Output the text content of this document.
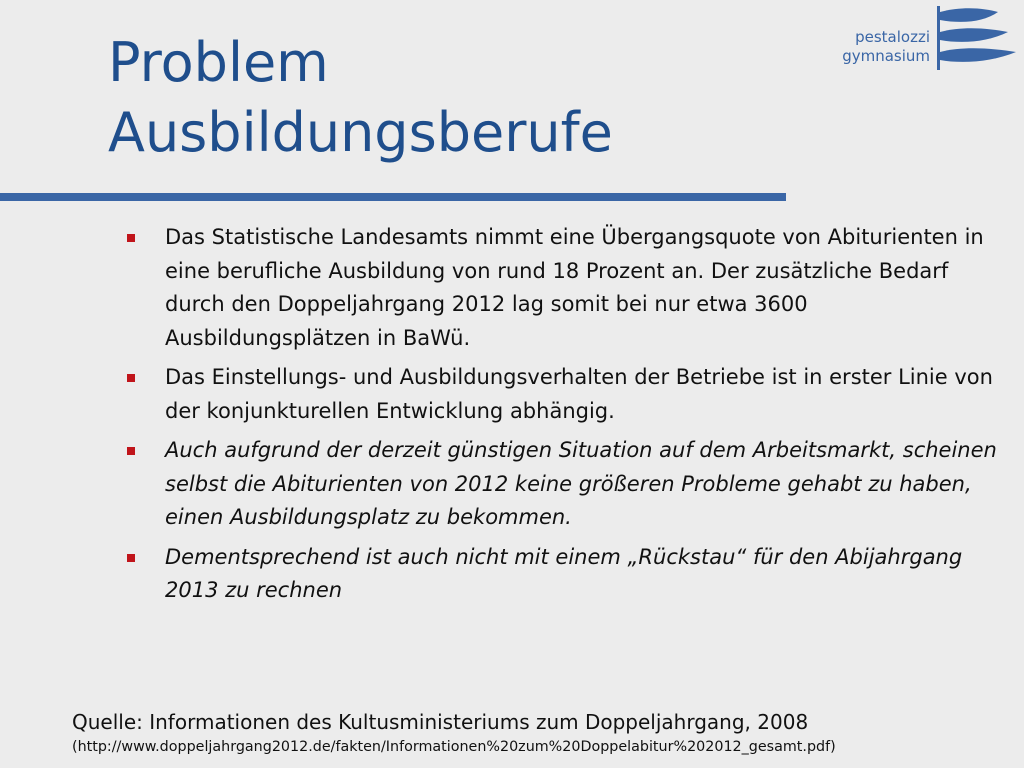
Problem
Ausbildungsberufe
pestalozzi
gymnasium
Das Statistische Landesamts nimmt eine Übergangsquote von Abiturienten in eine berufliche Ausbildung von rund 18 Prozent an. Der zusätzliche Bedarf durch den Doppeljahrgang 2012 lag somit bei nur etwa 3600 Ausbildungsplätzen in BaWü.
Das Einstellungs- und Ausbildungsverhalten der Betriebe ist in erster Linie von der konjunkturellen Entwicklung abhängig.
Auch aufgrund der derzeit günstigen Situation auf dem Arbeitsmarkt, scheinen selbst die Abiturienten von 2012 keine größeren Probleme gehabt zu haben, einen Ausbildungsplatz zu bekommen.
Dementsprechend ist auch nicht mit einem „Rückstau“ für den Abijahrgang 2013 zu rechnen
Quelle: Informationen des Kultusministeriums zum Doppeljahrgang, 2008
(http://www.doppeljahrgang2012.de/fakten/Informationen%20zum%20Doppelabitur%202012_gesamt.pdf)
